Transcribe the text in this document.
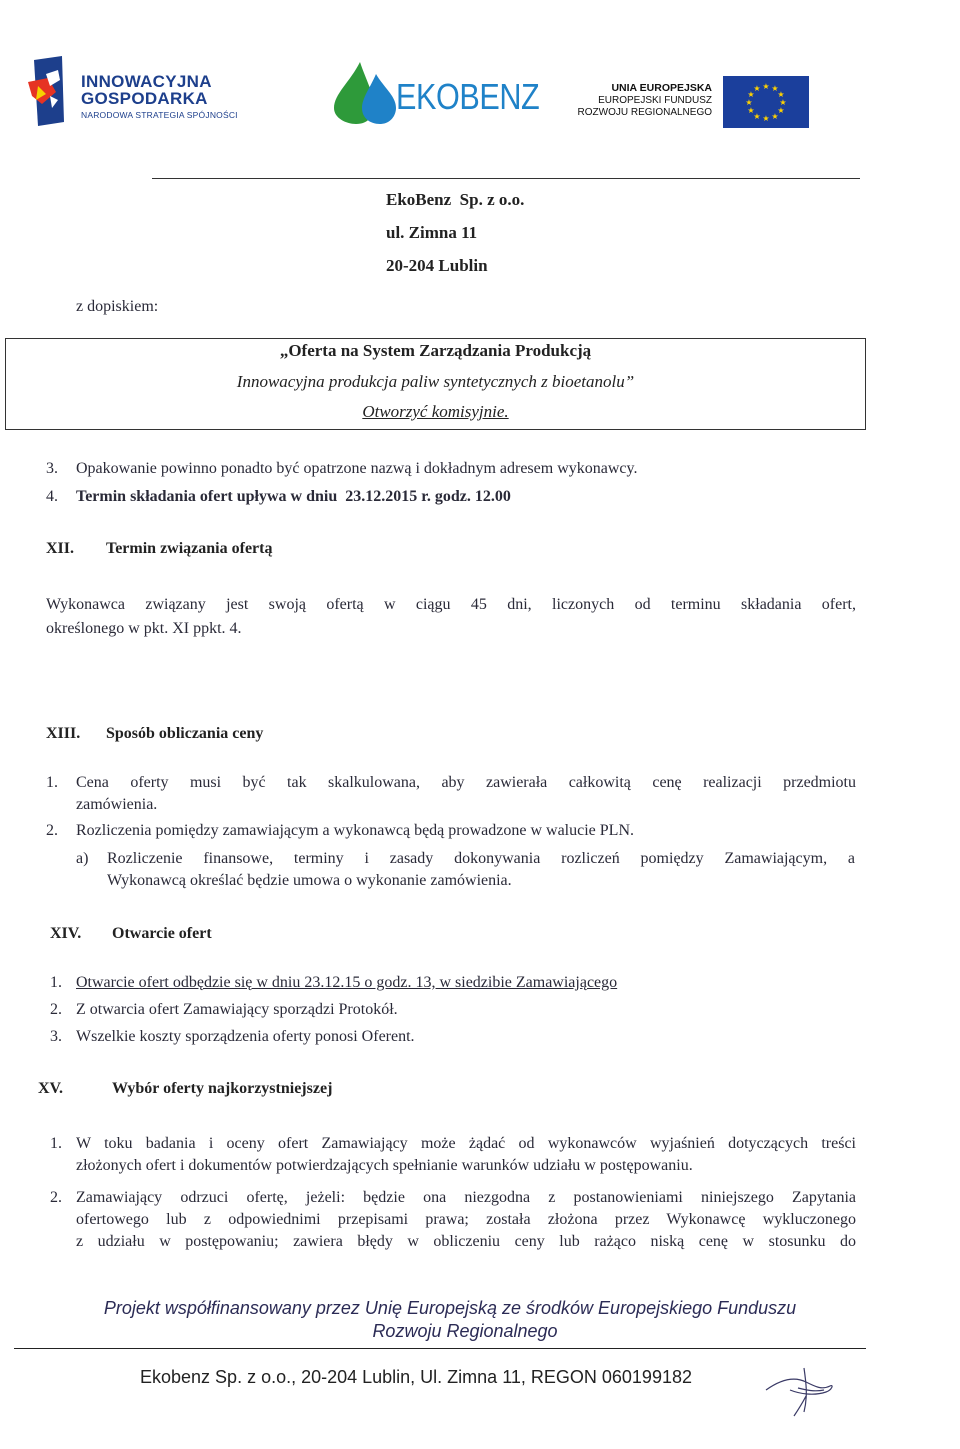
INNOWACYJNA
GOSPODARKA
NARODOWA STRATEGIA SPÓJNOŚCI	EKOBENZ	UNIA EUROPEJSKA
EUROPEJSKI FUNDUSZ
ROZWOJU REGIONALNEGO
★ ★
★
★
★
★
★
★
★
★
★
★
EkoBenz  Sp. z o.o.
ul. Zimna 11
20-204 Lublin
z dopiskiem:
„Oferta na System Zarządzania Produkcją
Innowacyjna produkcja paliw syntetycznych z bioetanolu”
Otworzyć komisyjnie.
3. Opakowanie powinno ponadto być opatrzone nazwą i dokładnym adresem wykonawcy.
4. Termin składania ofert upływa w dniu  23.12.2015 r. godz. 12.00
XII. Termin związania ofertą
Wykonawca związany jest swoją ofertą w ciągu 45 dni, liczonych od terminu składania ofert,
określonego w pkt. XI ppkt. 4.
XIII. Sposób obliczania ceny
1. Cena oferty musi być tak skalkulowana, aby zawierała całkowitą cenę realizacji przedmiotu
zamówienia.
2. Rozliczenia pomiędzy zamawiającym a wykonawcą będą prowadzone w walucie PLN.
a) Rozliczenie finansowe, terminy i zasady dokonywania rozliczeń pomiędzy Zamawiającym, a
Wykonawcą określać będzie umowa o wykonanie zamówienia.
XIV. Otwarcie ofert
1. Otwarcie ofert odbędzie się w dniu 23.12.15 o godz. 13, w siedzibie Zamawiającego
2. Z otwarcia ofert Zamawiający sporządzi Protokół.
3. Wszelkie koszty sporządzenia oferty ponosi Oferent.
XV.	Wybór oferty najkorzystniejszej
1. W toku badania i oceny ofert Zamawiający może żądać od wykonawców wyjaśnień dotyczących treści
złożonych ofert i dokumentów potwierdzających spełnianie warunków udziału w postępowaniu.
2. Zamawiający odrzuci ofertę, jeżeli: będzie ona niezgodna z postanowieniami niniejszego Zapytania
ofertowego lub z odpowiednimi przepisami prawa; została złożona przez Wykonawcę wykluczonego
z udziału w postępowaniu; zawiera błędy w obliczeniu ceny lub rażąco niską cenę w stosunku do
Projekt współfinansowany przez Unię Europejską ze środków Europejskiego Funduszu
Rozwoju Regionalnego
Ekobenz Sp. z o.o., 20-204 Lublin, Ul. Zimna 11, REGON 060199182
